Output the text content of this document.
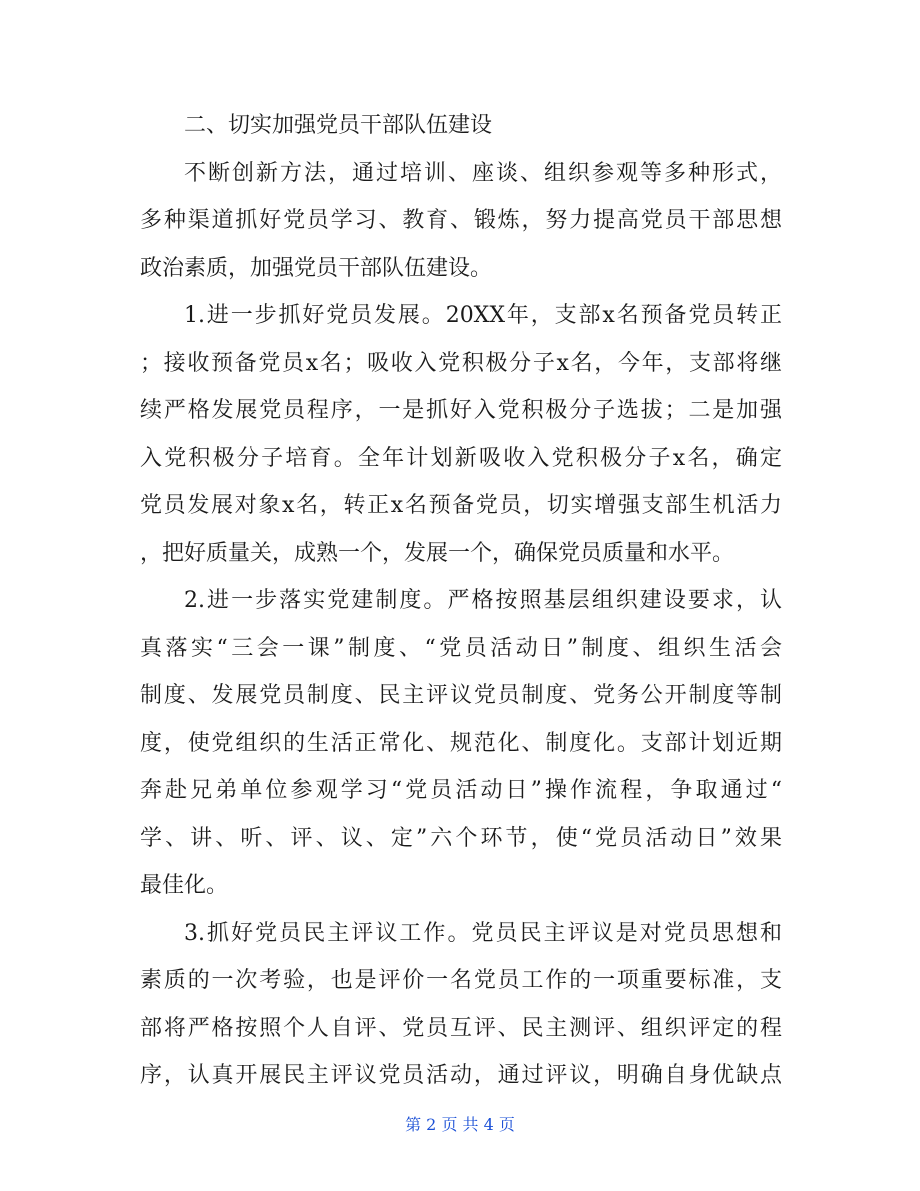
二、切实加强党员干部队伍建设

不断创新方法，通过培训、座谈、组织参观等多种形式，

多种渠道抓好党员学习、教育、锻炼，努力提高党员干部思想

政治素质，加强党员干部队伍建设。

1.进一步抓好党员发展。20XX年，支部x名预备党员转正

；接收预备党员x名；吸收入党积极分子x名，今年，支部将继

续严格发展党员程序，一是抓好入党积极分子选拔；二是加强

入党积极分子培育。全年计划新吸收入党积极分子x名，确定

党员发展对象x名，转正x名预备党员，切实增强支部生机活力

，把好质量关，成熟一个，发展一个，确保党员质量和水平。

2.进一步落实党建制度。严格按照基层组织建设要求，认

真落实“三会一课”制度、“党员活动日”制度、组织生活会

制度、发展党员制度、民主评议党员制度、党务公开制度等制

度，使党组织的生活正常化、规范化、制度化。支部计划近期

奔赴兄弟单位参观学习“党员活动日”操作流程，争取通过“

学、讲、听、评、议、定”六个环节，使“党员活动日”效果

最佳化。

3.抓好党员民主评议工作。党员民主评议是对党员思想和

素质的一次考验，也是评价一名党员工作的一项重要标准，支

部将严格按照个人自评、党员互评、民主测评、组织评定的程

序，认真开展民主评议党员活动，通过评议，明确自身优缺点

第 2 页 共 4 页
